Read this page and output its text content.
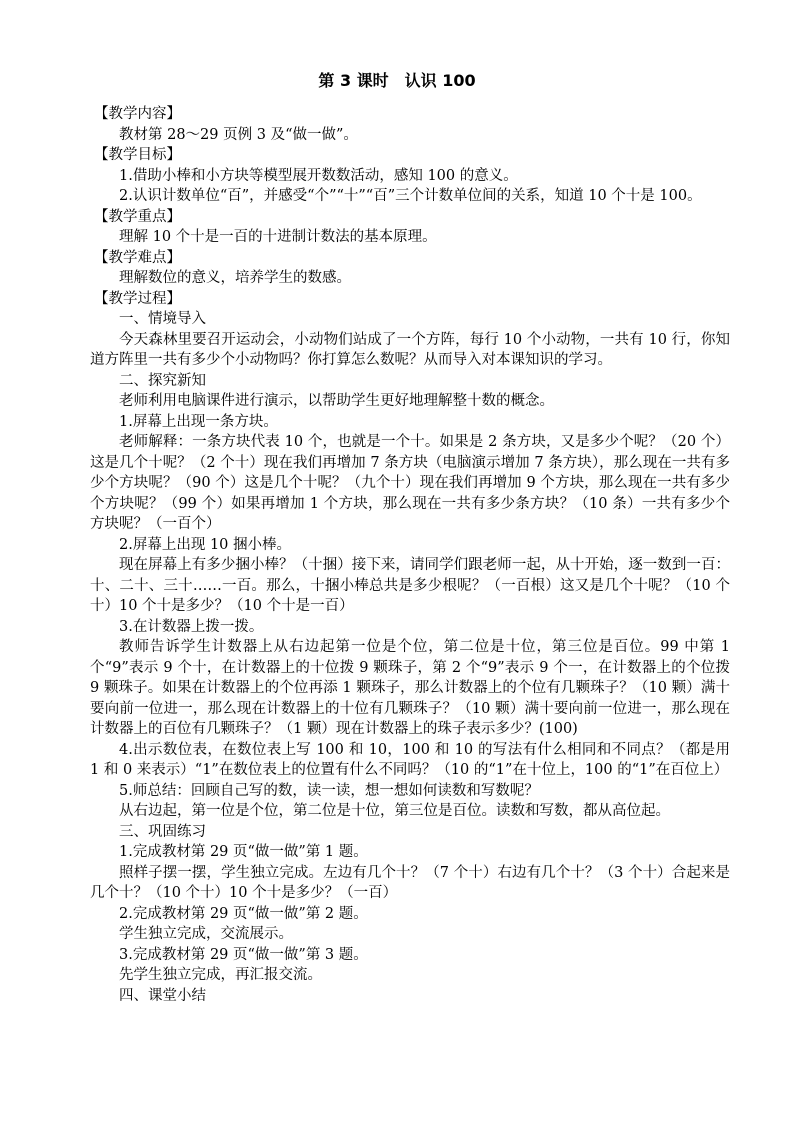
第 3 课时　认识 100

【教学内容】

教材第 28～29 页例 3 及“做一做”。

【教学目标】

1.借助小棒和小方块等模型展开数数活动，感知 100 的意义。

2.认识计数单位“百”，并感受“个”“十”“百”三个计数单位间的关系，知道 10 个十是 100。

【教学重点】

理解 10 个十是一百的十进制计数法的基本原理。

【教学难点】

理解数位的意义，培养学生的数感。

【教学过程】

一、情境导入

今天森林里要召开运动会，小动物们站成了一个方阵，每行 10 个小动物，一共有 10 行，你知道方阵里一共有多少个小动物吗？你打算怎么数呢？从而导入对本课知识的学习。

二、探究新知

老师利用电脑课件进行演示，以帮助学生更好地理解整十数的概念。

1.屏幕上出现一条方块。

老师解释：一条方块代表 10 个，也就是一个十。如果是 2 条方块，又是多少个呢？（20 个）这是几个十呢？（2 个十）现在我们再增加 7 条方块（电脑演示增加 7 条方块），那么现在一共有多少个方块呢？（90 个）这是几个十呢？（九个十）现在我们再增加 9 个方块，那么现在一共有多少个方块呢？（99 个）如果再增加 1 个方块，那么现在一共有多少条方块？（10 条）一共有多少个方块呢？（一百个）

2.屏幕上出现 10 捆小棒。

现在屏幕上有多少捆小棒？（十捆）接下来，请同学们跟老师一起，从十开始，逐一数到一百：十、二十、三十……一百。那么，十捆小棒总共是多少根呢？（一百根）这又是几个十呢？（10 个十）10 个十是多少？（10 个十是一百）

3.在计数器上拨一拨。

教师告诉学生计数器上从右边起第一位是个位，第二位是十位，第三位是百位。99 中第 1 个“9”表示 9 个十，在计数器上的十位拨 9 颗珠子，第 2 个“9”表示 9 个一，在计数器上的个位拨 9 颗珠子。如果在计数器上的个位再添 1 颗珠子，那么计数器上的个位有几颗珠子？（10 颗）满十要向前一位进一，那么现在计数器上的十位有几颗珠子？（10 颗）满十要向前一位进一，那么现在计数器上的百位有几颗珠子？（1 颗）现在计数器上的珠子表示多少？(100)

4.出示数位表，在数位表上写 100 和 10，100 和 10 的写法有什么相同和不同点？（都是用 1 和 0 来表示）“1”在数位表上的位置有什么不同吗？（10 的“1”在十位上，100 的“1”在百位上）

5.师总结：回顾自己写的数，读一读，想一想如何读数和写数呢？

从右边起，第一位是个位，第二位是十位，第三位是百位。读数和写数，都从高位起。

三、巩固练习

1.完成教材第 29 页“做一做”第 1 题。

照样子摆一摆，学生独立完成。左边有几个十？（7 个十）右边有几个十？（3 个十）合起来是几个十？（10 个十）10 个十是多少？（一百）

2.完成教材第 29 页“做一做”第 2 题。

学生独立完成，交流展示。

3.完成教材第 29 页“做一做”第 3 题。

先学生独立完成，再汇报交流。

四、课堂小结
